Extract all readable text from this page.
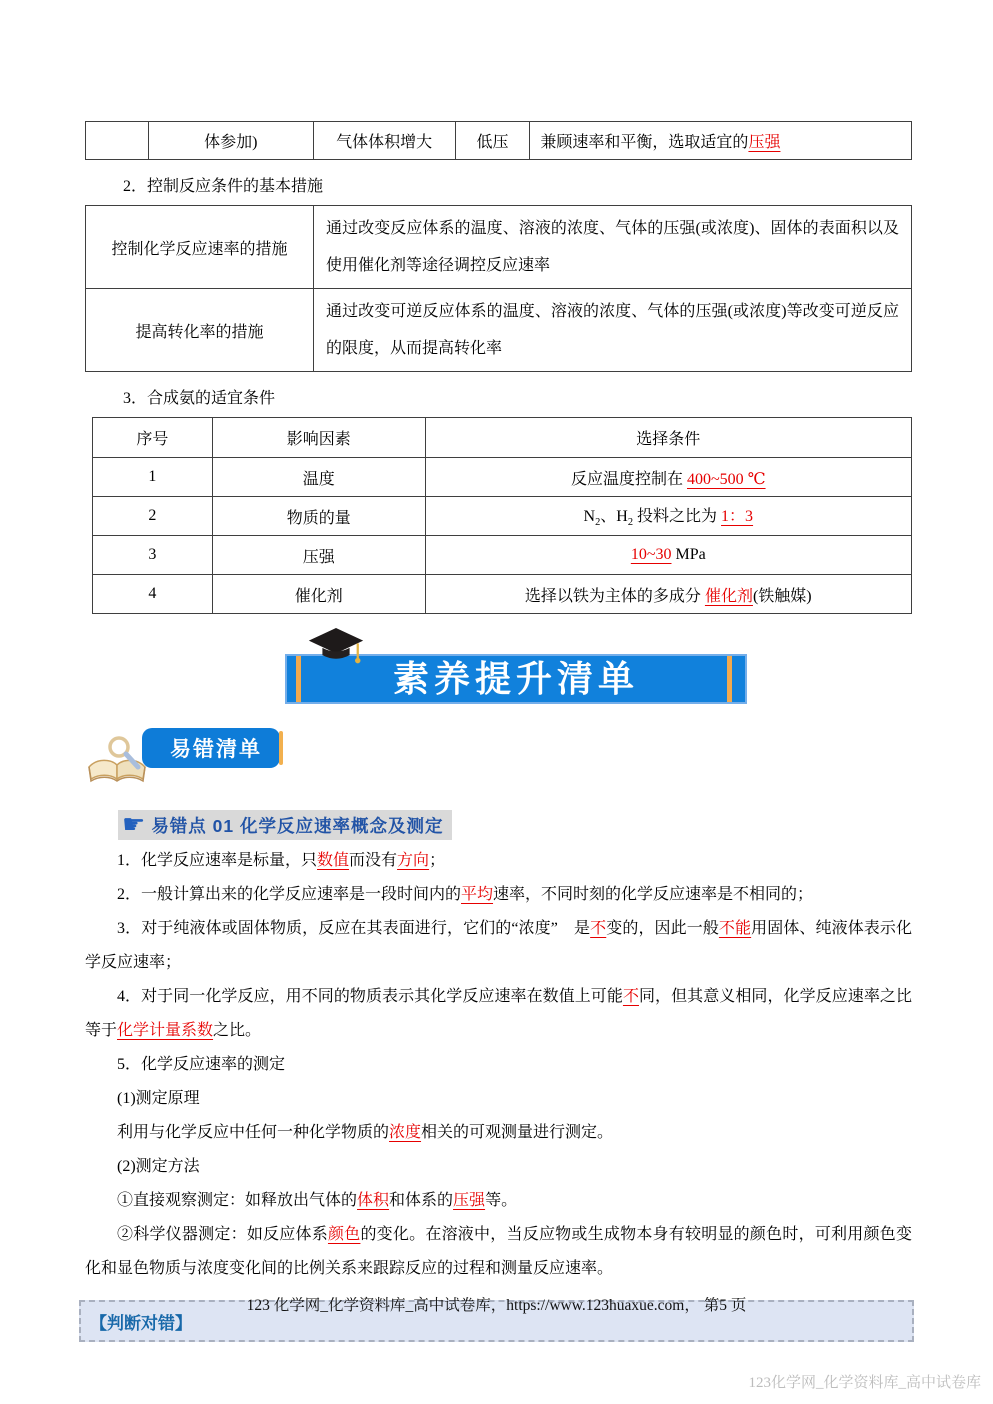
	体参加)	气体体积增大	低压	兼顾速率和平衡，选取适宜的压强
2．控制反应条件的基本措施
控制化学反应速率的措施	通过改变反应体系的温度、溶液的浓度、气体的压强(或浓度)、固体的表面积以及使用催化剂等途径调控反应速率
提高转化率的措施	通过改变可逆反应体系的温度、溶液的浓度、气体的压强(或浓度)等改变可逆反应的限度，从而提高转化率
3．合成氨的适宜条件
序号	影响因素	选择条件
1	温度	反应温度控制在 400~500 ℃
2	物质的量	$N_2$、$H_2$ 投料之比为 1：3
3	压强	10~30 MPa
4	催化剂	选择以铁为主体的多成分 催化剂(铁触媒)
素养提升清单
易错清单
☛ 易错点 01 化学反应速率概念及测定

1．化学反应速率是标量，只数值而没有方向；

2．一般计算出来的化学反应速率是一段时间内的平均速率，不同时刻的化学反应速率是不相同的；

3．对于纯液体或固体物质，反应在其表面进行，它们的“浓度”　是不变的，因此一般不能用固体、纯液体表示化学反应速率；

4．对于同一化学反应，用不同的物质表示其化学反应速率在数值上可能不同，但其意义相同，化学反应速率之比等于化学计量系数之比。

5．化学反应速率的测定

(1)测定原理

利用与化学反应中任何一种化学物质的浓度相关的可观测量进行测定。

(2)测定方法

①直接观察测定：如释放出气体的体积和体系的压强等。

②科学仪器测定：如反应体系颜色的变化。在溶液中，当反应物或生成物本身有较明显的颜色时，可利用颜色变化和显色物质与浓度变化间的比例关系来跟踪反应的过程和测量反应速率。

【判断对错】
123 化学网_化学资料库_高中试卷库，https://www.123huaxue.com， 第5 页
123化学网_化学资料库_高中试卷库
